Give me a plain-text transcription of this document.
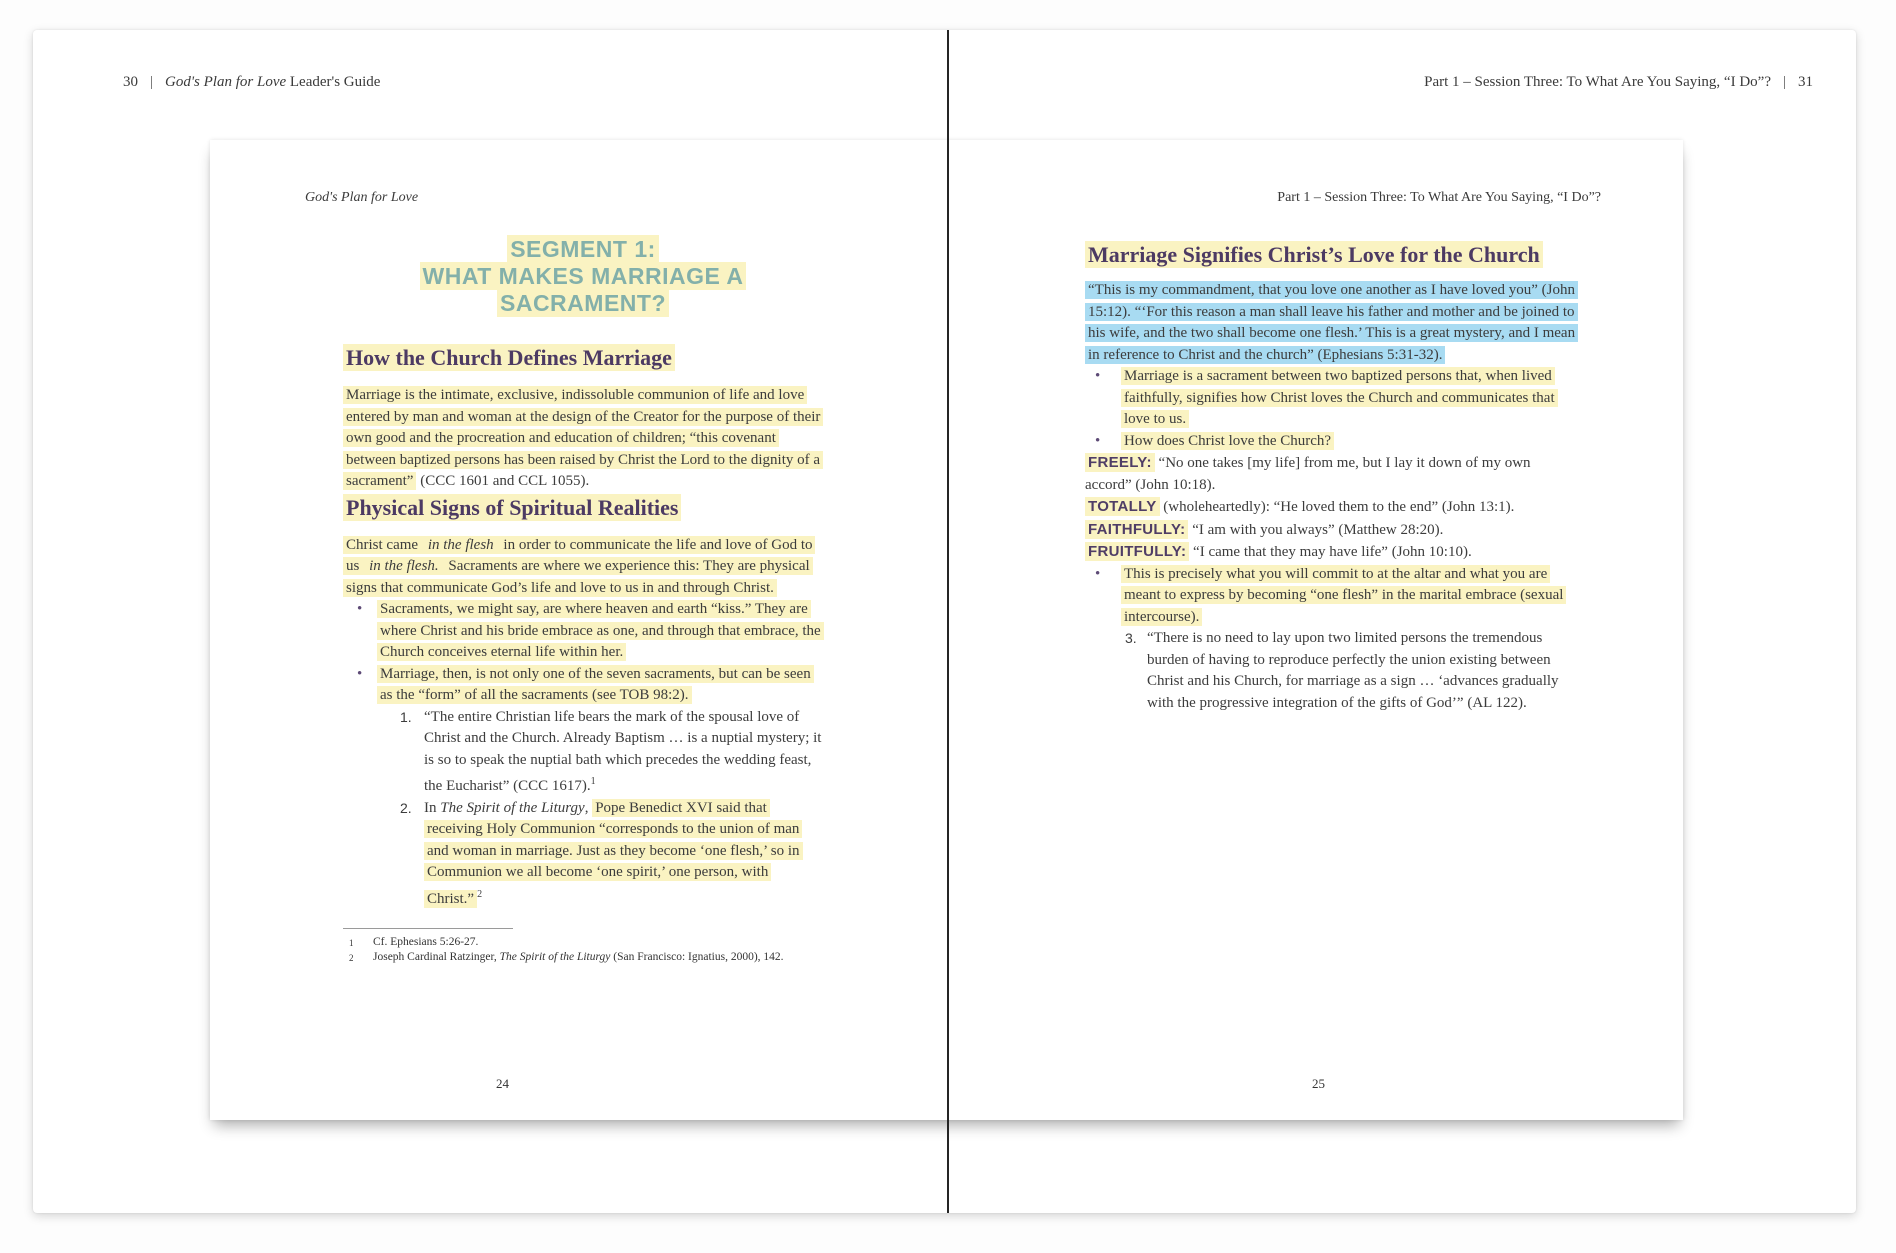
30 | God's Plan for Love Leader's Guide	Part 1 – Session Three: To What Are You Saying, “I Do”? | 31
God's Plan for Love	Part 1 – Session Three: To What Are You Saying, “I Do”?
SEGMENT 1:
WHAT MAKES MARRIAGE A SACRAMENT?
How the Church Defines Marriage

Marriage is the intimate, exclusive, indissoluble communion of life and love entered by man and woman at the design of the Creator for the purpose of their own good and the procreation and education of children; “this covenant between baptized persons has been raised by Christ the Lord to the dignity of a sacrament” (CCC 1601 and CCL 1055).

Physical Signs of Spiritual Realities

Christ came in the flesh in order to communicate the life and love of God to us in the flesh. Sacraments are where we experience this: They are physical signs that communicate God’s life and love to us in and through Christ.

• Sacraments, we might say, are where heaven and earth “kiss.” They are where Christ and his bride embrace as one, and through that embrace, the Church conceives eternal life within her.
• Marriage, then, is not only one of the seven sacraments, but can be seen as the “form” of all the sacraments (see TOB 98:2).
1. “The entire Christian life bears the mark of the spousal love of Christ and the Church. Already Baptism … is a nuptial mystery; it is so to speak the nuptial bath which precedes the wedding feast, the Eucharist” (CCC 1617).$^1$
2. In The Spirit of the Liturgy, Pope Benedict XVI said that receiving Holy Communion “corresponds to the union of man and woman in marriage. Just as they become ‘one flesh,’ so in Communion we all become ‘one spirit,’ one person, with Christ.” $^2$
1 Cf. Ephesians 5:26-27.
2 Joseph Cardinal Ratzinger, The Spirit of the Liturgy (San Francisco: Ignatius, 2000), 142.
Marriage Signifies Christ’s Love for the Church

“This is my commandment, that you love one another as I have loved you” (John 15:12). “‘For this reason a man shall leave his father and mother and be joined to his wife, and the two shall become one flesh.’ This is a great mystery, and I mean in reference to Christ and the church” (Ephesians 5:31-32).

• Marriage is a sacrament between two baptized persons that, when lived faithfully, signifies how Christ loves the Church and communicates that love to us.
• How does Christ love the Church?

FREELY: “No one takes [my life] from me, but I lay it down of my own accord” (John 10:18).

TOTALLY (wholeheartedly): “He loved them to the end” (John 13:1).

FAITHFULLY: “I am with you always” (Matthew 28:20).

FRUITFULLY: “I came that they may have life” (John 10:10).

• This is precisely what you will commit to at the altar and what you are meant to express by becoming “one flesh” in the marital embrace (sexual intercourse).
3. “There is no need to lay upon two limited persons the tremendous burden of having to reproduce perfectly the union existing between Christ and his Church, for marriage as a sign … ‘advances gradually with the progressive integration of the gifts of God’” (AL 122).
24	25
